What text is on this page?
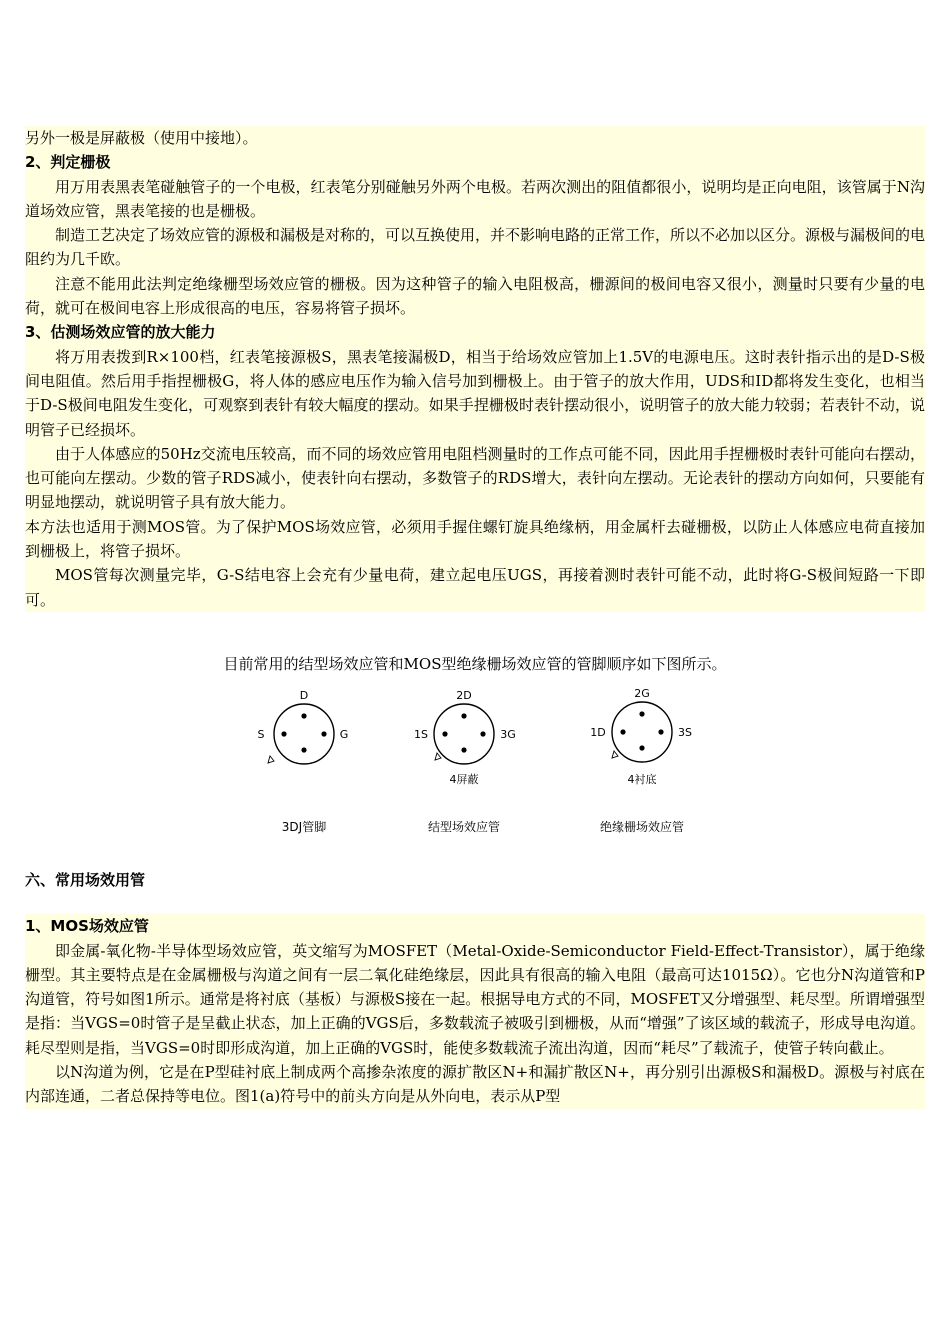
另外一极是屏蔽极（使用中接地）。

2、判定栅极

用万用表黑表笔碰触管子的一个电极，红表笔分别碰触另外两个电极。若两次测出的阻值都很小，说明均是正向电阻，该管属于N沟道场效应管，黑表笔接的也是栅极。

制造工艺决定了场效应管的源极和漏极是对称的，可以互换使用，并不影响电路的正常工作，所以不必加以区分。源极与漏极间的电阻约为几千欧。

注意不能用此法判定绝缘栅型场效应管的栅极。因为这种管子的输入电阻极高，栅源间的极间电容又很小，测量时只要有少量的电荷，就可在极间电容上形成很高的电压，容易将管子损坏。

3、估测场效应管的放大能力

将万用表拨到R×100档，红表笔接源极S，黑表笔接漏极D，相当于给场效应管加上1.5V的电源电压。这时表针指示出的是D-S极间电阻值。然后用手指捏栅极G，将人体的感应电压作为输入信号加到栅极上。由于管子的放大作用，UDS和ID都将发生变化，也相当于D-S极间电阻发生变化，可观察到表针有较大幅度的摆动。如果手捏栅极时表针摆动很小，说明管子的放大能力较弱；若表针不动，说明管子已经损坏。

由于人体感应的50Hz交流电压较高，而不同的场效应管用电阻档测量时的工作点可能不同，因此用手捏栅极时表针可能向右摆动，也可能向左摆动。少数的管子RDS减小，使表针向右摆动，多数管子的RDS增大，表针向左摆动。无论表针的摆动方向如何，只要能有明显地摆动，就说明管子具有放大能力。

本方法也适用于测MOS管。为了保护MOS场效应管，必须用手握住螺钉旋具绝缘柄，用金属杆去碰栅极，以防止人体感应电荷直接加到栅极上，将管子损坏。

MOS管每次测量完毕，G-S结电容上会充有少量电荷，建立起电压UGS，再接着测时表针可能不动，此时将G-S极间短路一下即可。

目前常用的结型场效应管和MOS型绝缘栅场效应管的管脚顺序如下图所示。
D
S	G
3DJ管脚
2D
1S	3G
4屏蔽
结型场效应管
2G
1D	3S
4衬底
绝缘栅场效应管

六、常用场效用管

1、MOS场效应管

即金属-氧化物-半导体型场效应管，英文缩写为MOSFET（Metal-Oxide-Semiconductor Field-Effect-Transistor），属于绝缘栅型。其主要特点是在金属栅极与沟道之间有一层二氧化硅绝缘层，因此具有很高的输入电阻（最高可达1015Ω）。它也分N沟道管和P沟道管，符号如图1所示。通常是将衬底（基板）与源极S接在一起。根据导电方式的不同，MOSFET又分增强型、耗尽型。所谓增强型是指：当VGS=0时管子是呈截止状态，加上正确的VGS后，多数载流子被吸引到栅极，从而“增强”了该区域的载流子，形成导电沟道。耗尽型则是指，当VGS=0时即形成沟道，加上正确的VGS时，能使多数载流子流出沟道，因而“耗尽”了载流子，使管子转向截止。

以N沟道为例，它是在P型硅衬底上制成两个高掺杂浓度的源扩散区N+和漏扩散区N+，再分别引出源极S和漏极D。源极与衬底在内部连通，二者总保持等电位。图1(a)符号中的前头方向是从外向电，表示从P型
